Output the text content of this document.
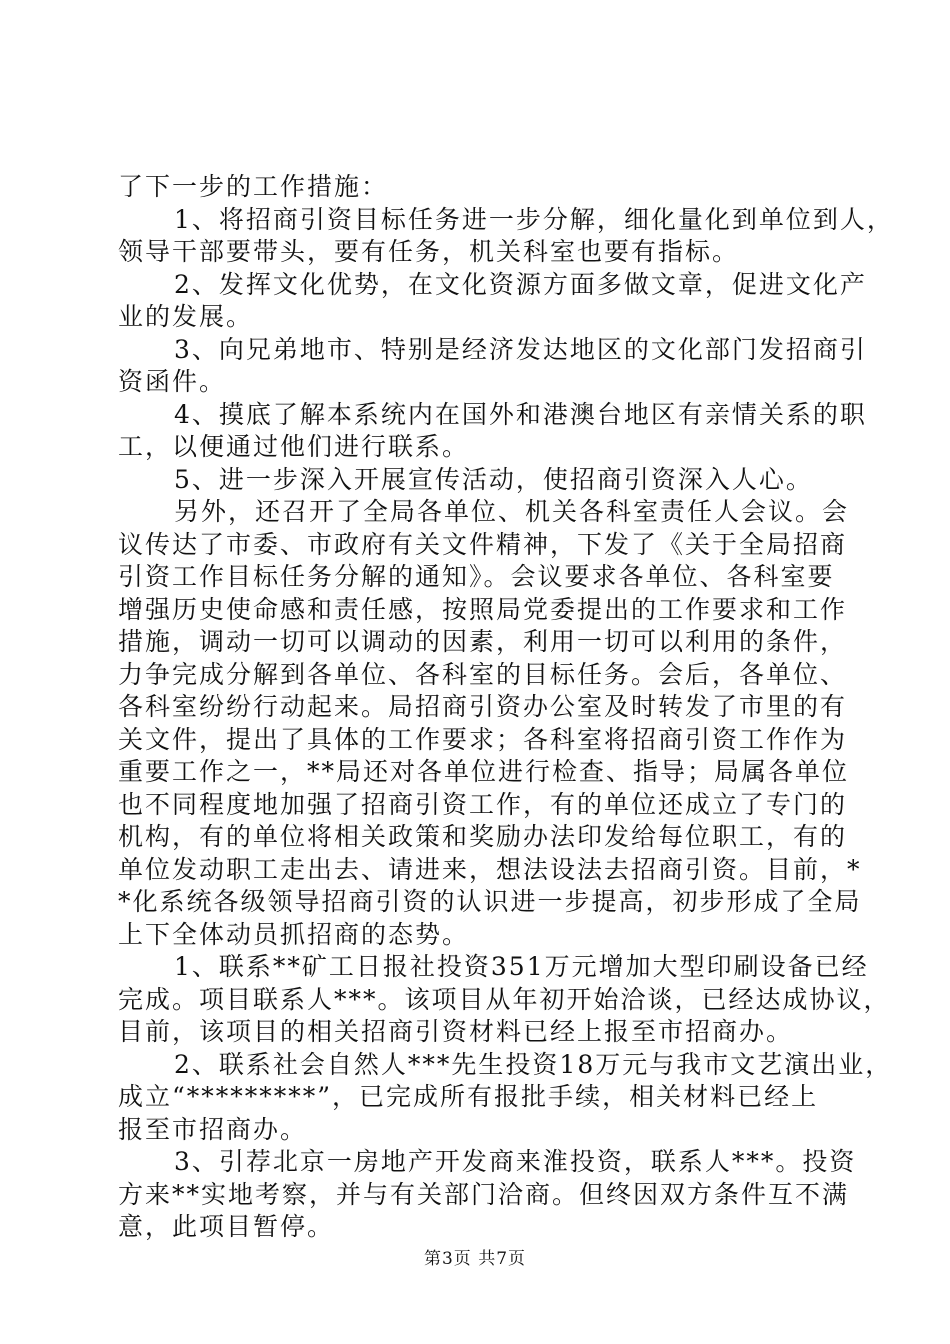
了下一步的工作措施：
1、将招商引资目标任务进一步分解，细化量化到单位到人，
领导干部要带头，要有任务，机关科室也要有指标。
2、发挥文化优势，在文化资源方面多做文章，促进文化产
业的发展。
3、向兄弟地市、特别是经济发达地区的文化部门发招商引
资函件。
4、摸底了解本系统内在国外和港澳台地区有亲情关系的职
工，以便通过他们进行联系。
5、进一步深入开展宣传活动，使招商引资深入人心。
另外，还召开了全局各单位、机关各科室责任人会议。会
议传达了市委、市政府有关文件精神，下发了《关于全局招商
引资工作目标任务分解的通知》。会议要求各单位、各科室要
增强历史使命感和责任感，按照局党委提出的工作要求和工作
措施，调动一切可以调动的因素，利用一切可以利用的条件，
力争完成分解到各单位、各科室的目标任务。会后，各单位、
各科室纷纷行动起来。局招商引资办公室及时转发了市里的有
关文件，提出了具体的工作要求；各科室将招商引资工作作为
重要工作之一，**局还对各单位进行检查、指导；局属各单位
也不同程度地加强了招商引资工作，有的单位还成立了专门的
机构，有的单位将相关政策和奖励办法印发给每位职工，有的
单位发动职工走出去、请进来，想法设法去招商引资。目前，*
*化系统各级领导招商引资的认识进一步提高，初步形成了全局
上下全体动员抓招商的态势。
1、联系**矿工日报社投资351万元增加大型印刷设备已经
完成。项目联系人***。该项目从年初开始洽谈，已经达成协议，
目前，该项目的相关招商引资材料已经上报至市招商办。
2、联系社会自然人***先生投资18万元与我市文艺演出业，
成立“*********”，已完成所有报批手续，相关材料已经上
报至市招商办。
3、引荐北京一房地产开发商来淮投资，联系人***。投资
方来**实地考察，并与有关部门洽商。但终因双方条件互不满
意，此项目暂停。
第3页 共7页
